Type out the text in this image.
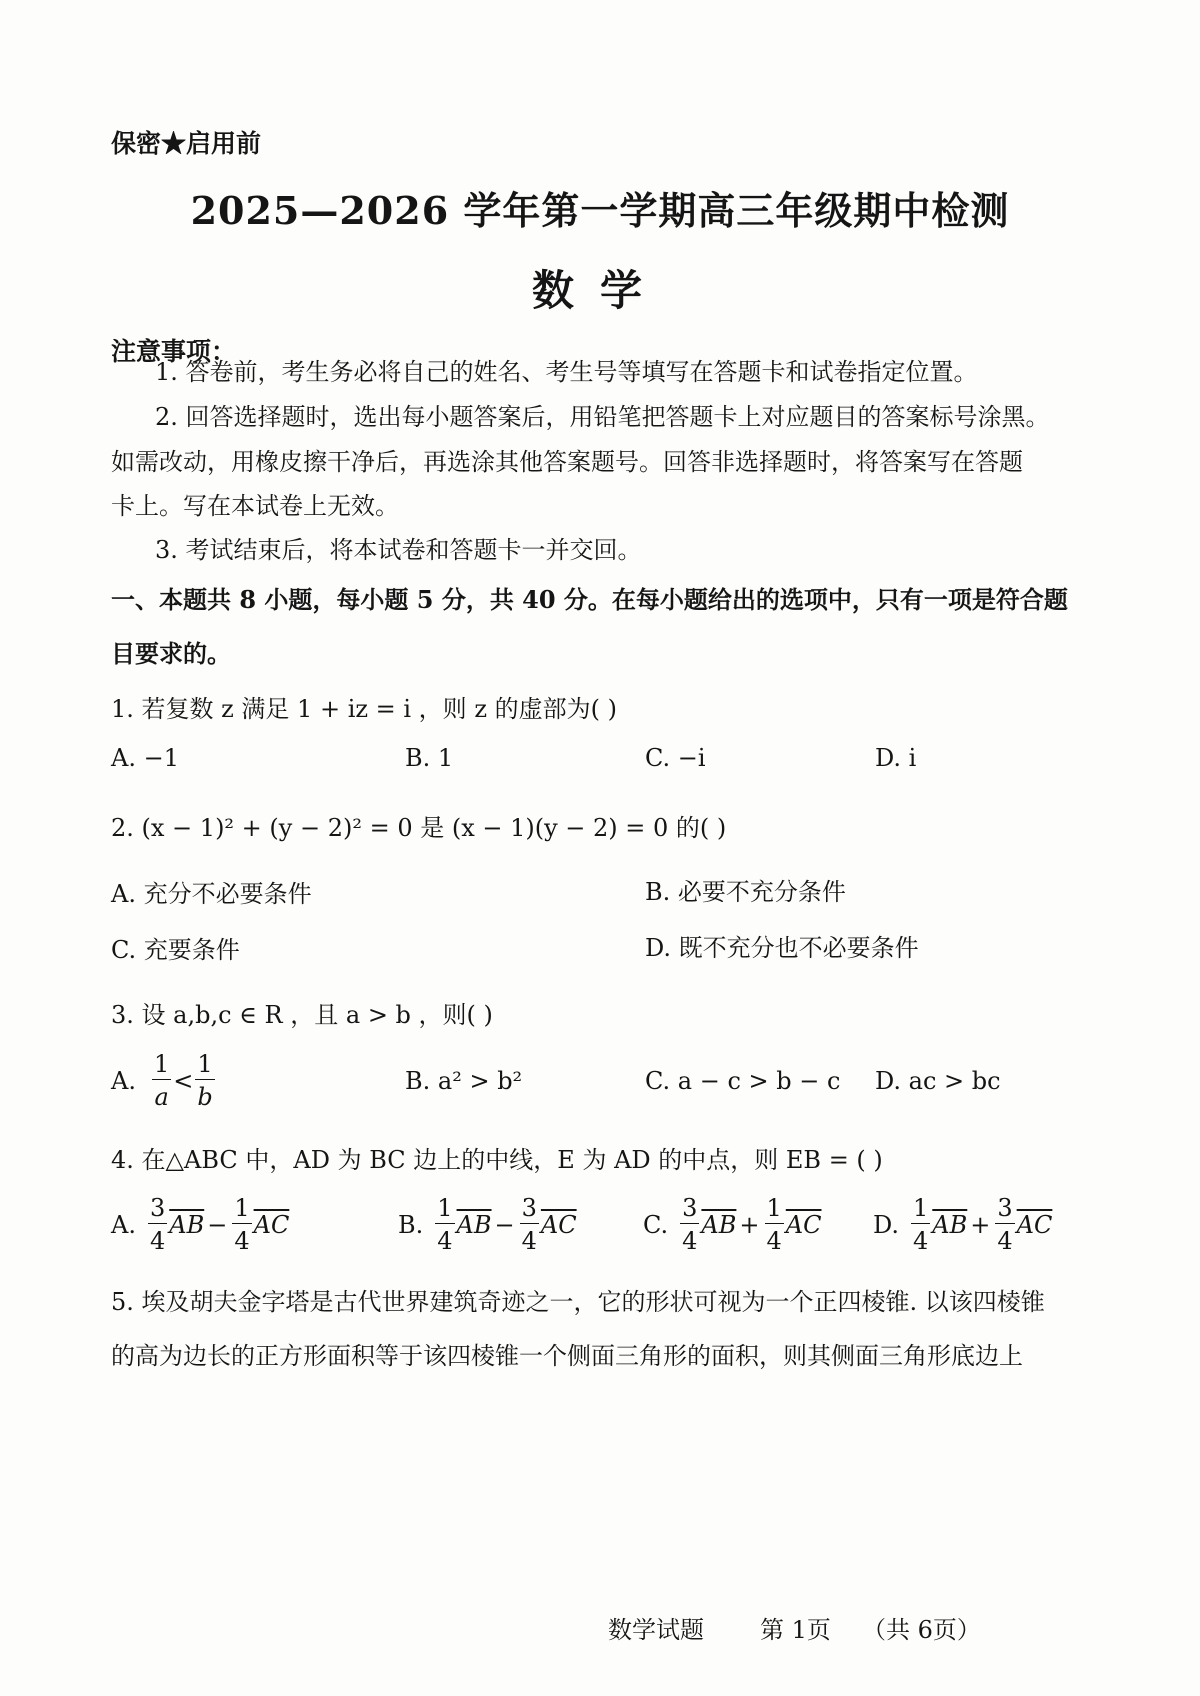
保密★启用前
2025—2026 学年第一学期高三年级期中检测
数学
注意事项：
1. 答卷前，考生务必将自己的姓名、考生号等填写在答题卡和试卷指定位置。
2. 回答选择题时，选出每小题答案后，用铅笔把答题卡上对应题目的答案标号涂黑。
如需改动，用橡皮擦干净后，再选涂其他答案题号。回答非选择题时，将答案写在答题
卡上。写在本试卷上无效。
3. 考试结束后，将本试卷和答题卡一并交回。
一、本题共 8 小题，每小题 5 分，共 40 分。在每小题给出的选项中，只有一项是符合题
目要求的。
1. 若复数 z 满足 1 + iz = i ，则 z 的虚部为( )
A. −1	B. 1	C. −i	D. i
2. (x − 1)² + (y − 2)² = 0 是 (x − 1)(y − 2) = 0 的( )
A. 充分不必要条件	B. 必要不充分条件
C. 充要条件	D. 既不充分也不必要条件
3. 设 a,b,c ∈ R ，且 a > b ，则( )
A. $\frac{1}{a} < \frac{1}{b}$	B. a² > b²	C. a − c > b − c D. ac > bc
4. 在△ABC 中，AD 为 BC 边上的中线，E 为 AD 的中点，则 EB = ( )
A. $\frac{3}{4} \overline{AB} - \frac{1}{4} \overline{AC}$	B. $\frac{1}{4} \overline{AB} - \frac{3}{4} \overline{AC}$	C. $\frac{3}{4} \overline{AB} + \frac{1}{4} \overline{AC}$ D. $\frac{1}{4} \overline{AB} + \frac{3}{4} \overline{AC}$
5. 埃及胡夫金字塔是古代世界建筑奇迹之一，它的形状可视为一个正四棱锥. 以该四棱锥
的高为边长的正方形面积等于该四棱锥一个侧面三角形的面积，则其侧面三角形底边上
数学试题 第 1页 （共 6页）
